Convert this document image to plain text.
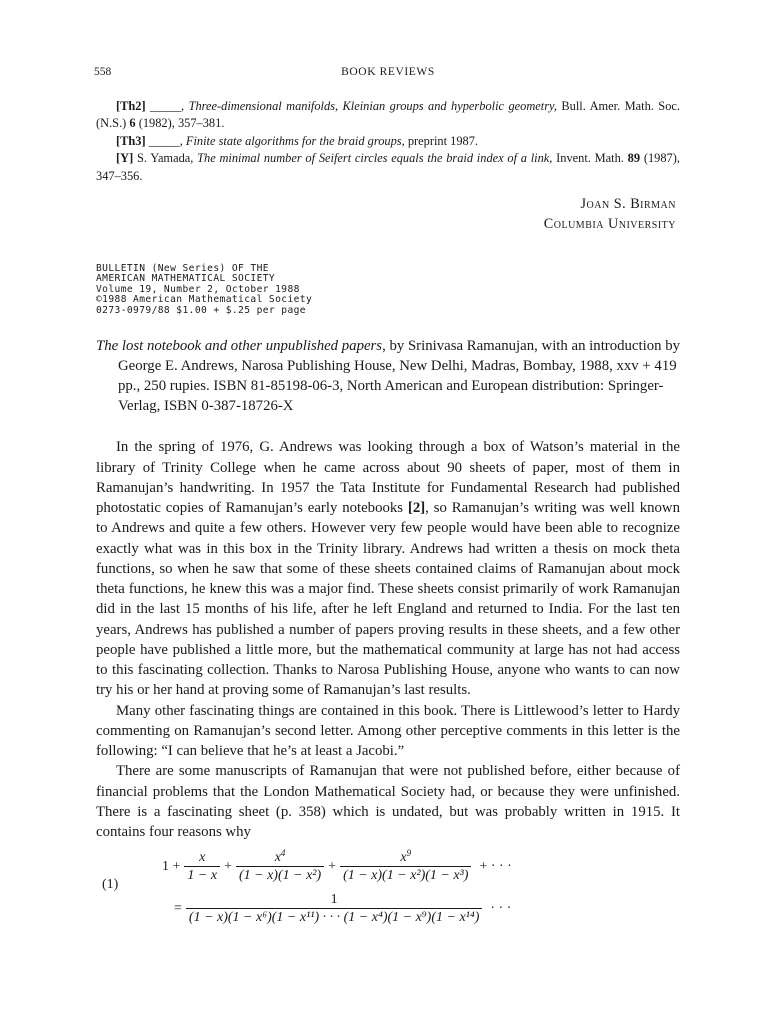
558	BOOK REVIEWS
[Th2] _____, Three-dimensional manifolds, Kleinian groups and hyperbolic geometry, Bull. Amer. Math. Soc. (N.S.) 6 (1982), 357–381.
[Th3] _____, Finite state algorithms for the braid groups, preprint 1987.
[Y] S. Yamada, The minimal number of Seifert circles equals the braid index of a link, Invent. Math. 89 (1987), 347–356.
Joan S. Birman
Columbia University
BULLETIN (New Series) OF THE
AMERICAN MATHEMATICAL SOCIETY
Volume 19, Number 2, October 1988
©1988 American Mathematical Society
0273-0979/88 $1.00 + $.25 per page
The lost notebook and other unpublished papers, by Srinivasa Ramanujan, with an introduction by George E. Andrews, Narosa Publishing House, New Delhi, Madras, Bombay, 1988, xxv + 419 pp., 250 rupies. ISBN 81-85198-06-3, North American and European distribution: Springer-Verlag, ISBN 0-387-18726-X

In the spring of 1976, G. Andrews was looking through a box of Watson’s material in the library of Trinity College when he came across about 90 sheets of paper, most of them in Ramanujan’s handwriting. In 1957 the Tata Institute for Fundamental Research had published photostatic copies of Ramanujan’s early notebooks [2], so Ramanujan’s writing was well known to Andrews and quite a few others. However very few people would have been able to recognize exactly what was in this box in the Trinity library. Andrews had written a thesis on mock theta functions, so when he saw that some of these sheets contained claims of Ramanujan about mock theta functions, he knew this was a major find. These sheets consist primarily of work Ramanujan did in the last 15 months of his life, after he left England and returned to India. For the last ten years, Andrews has published a number of papers proving results in these sheets, and a few other people have published a little more, but the mathematical community at large has not had access to this fascinating collection. Thanks to Narosa Publishing House, anyone who wants to can now try his or her hand at proving some of Ramanujan’s last results.

Many other fascinating things are contained in this book. There is Littlewood’s letter to Hardy commenting on Ramanujan’s second letter. Among other perceptive comments in this letter is the following: “I can believe that he’s at least a Jacobi.”

There are some manuscripts of Ramanujan that were not published before, either because of financial problems that the London Mathematical Society had, or because they were unfinished. There is a fascinating sheet (p. 358) which is undated, but was probably written in 1915. It contains four reasons why

(1)
$1 + \frac{x}{1 - x} + \frac{x^4}{\text{(1 − x)(1 − x²)}} + \frac{x^9}{\text{(1 − x)(1 − x²)(1 − x³)}}$ + · · ·
= $\frac{1}{\text{(1 − x)(1 − x⁶)(1 − x¹¹) · · · (1 − x⁴)(1 − x⁹)(1 − x¹⁴)}}$ · · ·
